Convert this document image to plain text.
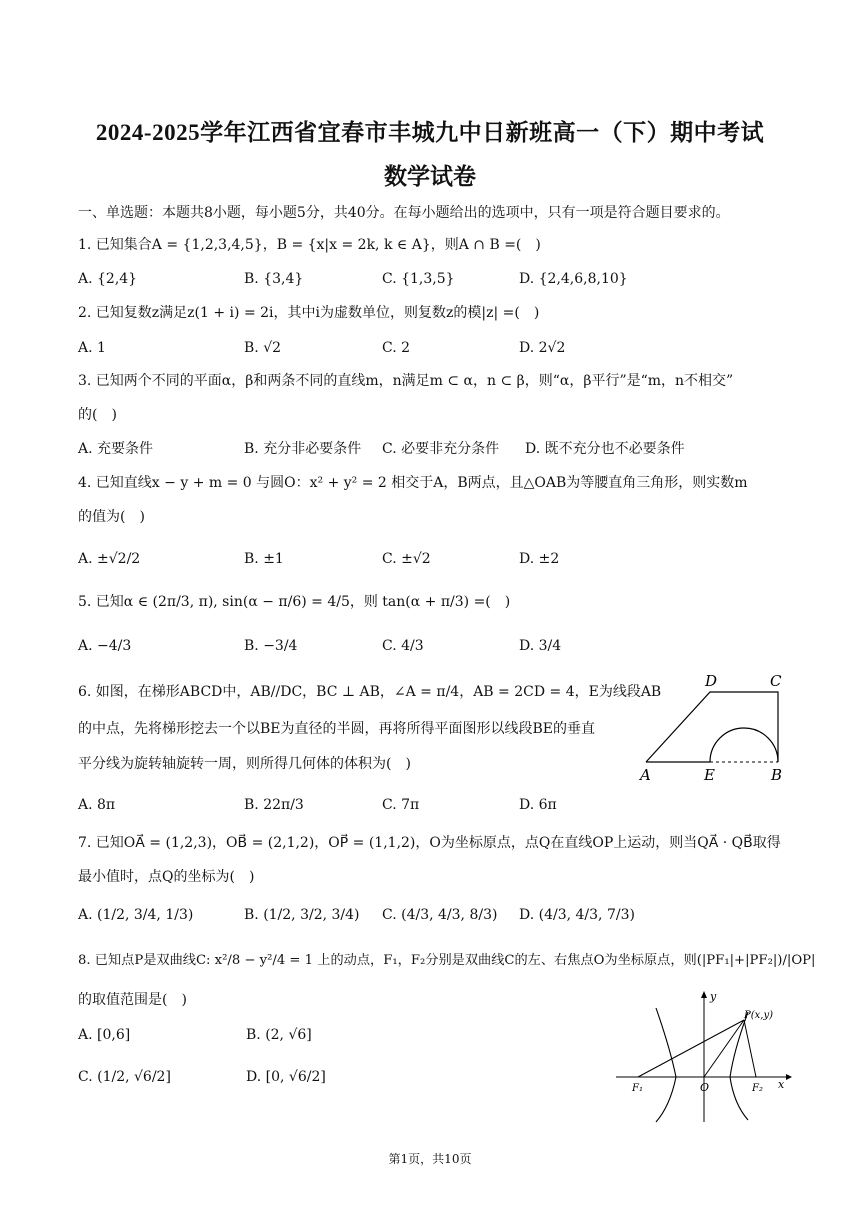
2024-2025学年江西省宜春市丰城九中日新班高一（下）期中考试
数学试卷
一、单选题：本题共8小题，每小题5分，共40分。在每小题给出的选项中，只有一项是符合题目要求的。
1. 已知集合A = {1,2,3,4,5}，B = {x|x = 2k, k ∈ A}，则A ∩ B =(　)
A. {2,4}	B. {3,4}	C. {1,3,5}	D. {2,4,6,8,10}
2. 已知复数z满足z(1 + i) = 2i，其中i为虚数单位，则复数z的模|z| =(　)
A. 1	B. √2	C. 2	D. 2√2
3. 已知两个不同的平面α，β和两条不同的直线m，n满足m ⊂ α，n ⊂ β，则“α，β平行”是“m，n不相交”
的(　)
A. 充要条件	B. 充分非必要条件 C. 必要非充分条件 D. 既不充分也不必要条件
4. 已知直线x − y + m = 0 与圆O：x² + y² = 2 相交于A，B两点，且△OAB为等腰直角三角形，则实数m
的值为(　)
A. ±√2/2	B. ±1	C. ±√2	D. ±2
5. 已知α ∈ (2π/3, π), sin(α − π/6) = 4/5，则 tan(α + π/3) =(　)
A. −4/3	B. −3/4	C. 4/3	D. 3/4
6. 如图，在梯形ABCD中，AB//DC，BC ⊥ AB，∠A = π/4，AB = 2CD = 4，E为线段AB
的中点，先将梯形挖去一个以BE为直径的半圆，再将所得平面图形以线段BE的垂直
平分线为旋转轴旋转一周，则所得几何体的体积为(　)
A. 8π	B. 22π/3	C. 7π	D. 6π
D	C
A	E	B
7. 已知OA⃗ = (1,2,3)，OB⃗ = (2,1,2)，OP⃗ = (1,1,2)，O为坐标原点，点Q在直线OP上运动，则当QA⃗ · QB⃗取得
最小值时，点Q的坐标为(　)
A. (1/2, 3/4, 1/3)	B. (1/2, 3/2, 3/4) C. (4/3, 4/3, 8/3) D. (4/3, 4/3, 7/3)
8. 已知点P是双曲线C: x²/8 − y²/4 = 1 上的动点，F₁，F₂分别是双曲线C的左、右焦点O为坐标原点，则(|PF₁|+|PF₂|)/|OP|
的取值范围是(　)
A. [0,6]	B. (2, √6]
C. (1/2, √6/2]	D. [0, √6/2]
y
x
P(x,y)
O
F₁	F₂
第1页，共10页
